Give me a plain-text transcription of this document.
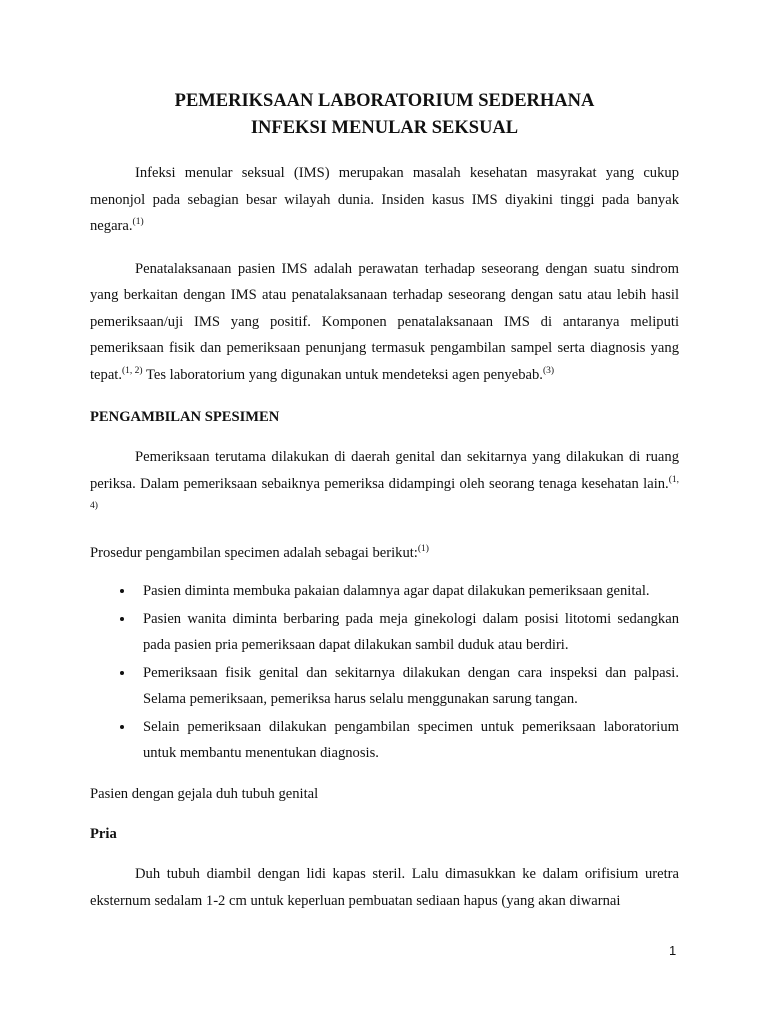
PEMERIKSAAN LABORATORIUM SEDERHANA
INFEKSI MENULAR SEKSUAL

Infeksi menular seksual (IMS) merupakan masalah kesehatan masyrakat yang cukup menonjol pada sebagian besar wilayah dunia. Insiden kasus IMS diyakini tinggi pada banyak negara.$^{(1)}$

Penatalaksanaan pasien IMS adalah perawatan terhadap seseorang dengan suatu sindrom yang berkaitan dengan IMS atau penatalaksanaan terhadap seseorang dengan satu atau lebih hasil pemeriksaan/uji IMS yang positif. Komponen penatalaksanaan IMS di antaranya meliputi pemeriksaan fisik dan pemeriksaan penunjang termasuk pengambilan sampel serta diagnosis yang tepat.$^{(1, 2)}$ Tes laboratorium yang digunakan untuk mendeteksi agen penyebab.$^{(3)}$

PENGAMBILAN SPESIMEN

Pemeriksaan terutama dilakukan di daerah genital dan sekitarnya yang dilakukan di ruang periksa. Dalam pemeriksaan sebaiknya pemeriksa didampingi oleh seorang tenaga kesehatan lain.$^{(1, 4)}$

Prosedur pengambilan specimen adalah sebagai berikut:$^{(1)}$

• Pasien diminta membuka pakaian dalamnya agar dapat dilakukan pemeriksaan genital.
• Pasien wanita diminta berbaring pada meja ginekologi dalam posisi litotomi sedangkan pada pasien pria pemeriksaan dapat dilakukan sambil duduk atau berdiri.
• Pemeriksaan fisik genital dan sekitarnya dilakukan dengan cara inspeksi dan palpasi. Selama pemeriksaan, pemeriksa harus selalu menggunakan sarung tangan.
• Selain pemeriksaan dilakukan pengambilan specimen untuk pemeriksaan laboratorium untuk membantu menentukan diagnosis.

Pasien dengan gejala duh tubuh genital

Pria

Duh tubuh diambil dengan lidi kapas steril. Lalu dimasukkan ke dalam orifisium uretra eksternum sedalam 1-2 cm untuk keperluan pembuatan sediaan hapus (yang akan diwarnai

1
